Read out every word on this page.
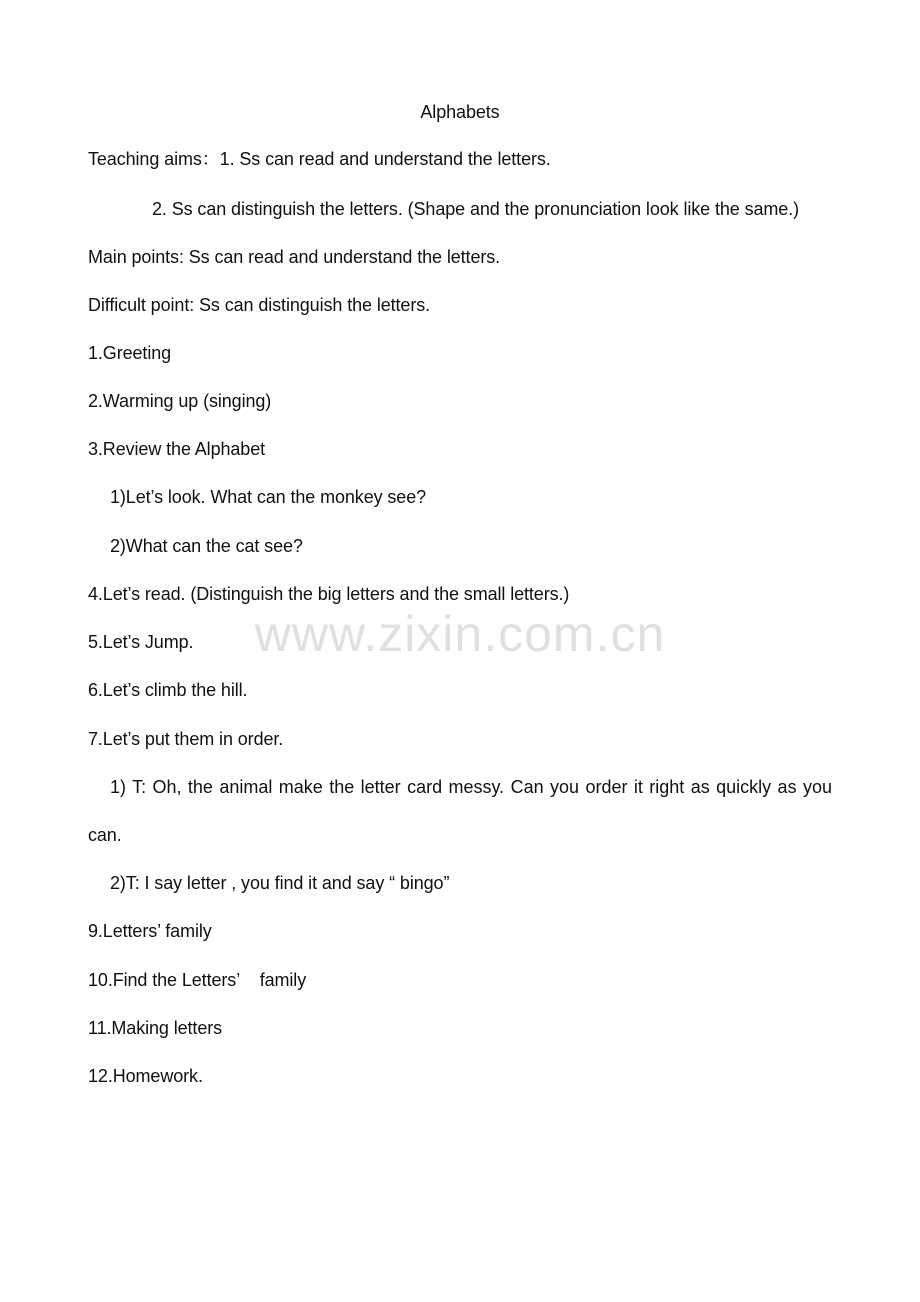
Alphabets
Teaching aims：1. Ss can read and understand the letters.
2. Ss can distinguish the letters. (Shape and the pronunciation look like the same.)
Main points: Ss can read and understand the letters.
Difficult point: Ss can distinguish the letters.
1.Greeting
2.Warming up (singing)
3.Review the Alphabet
1)Let’s look. What can the monkey see?
2)What can the cat see?
4.Let’s read. (Distinguish the big letters and the small letters.)
5.Let’s Jump.
6.Let’s climb the hill.
7.Let’s put them in order.
1) T: Oh, the animal make the letter card messy. Can you order it right as quickly as you
can.
2)T: I say letter , you find it and say “ bingo”
9.Letters’ family
10.Find the Letters’    family
11.Making letters
12.Homework.
www.zixin.com.cn
